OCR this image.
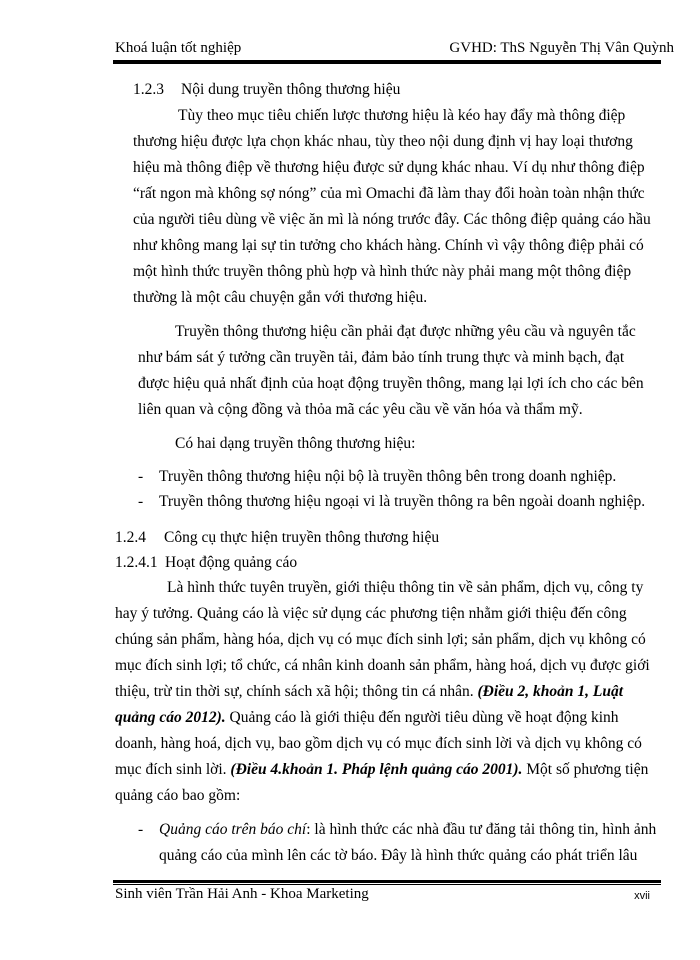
Khoá luận tốt nghiệp	GVHD: ThS Nguyễn Thị Vân Quỳnh
1.2.3 Nội dung truyền thông thương hiệu
Tùy theo mục tiêu chiến lược thương hiệu là kéo hay đẩy mà thông điệp
thương hiệu được lựa chọn khác nhau, tùy theo nội dung định vị hay loại thương
hiệu mà thông điệp về thương hiệu được sử dụng khác nhau. Ví dụ như thông điệp
“rất ngon mà không sợ nóng” của mì Omachi đã làm thay đổi hoàn toàn nhận thức
của người tiêu dùng về việc ăn mì là nóng trước đây. Các thông điệp quảng cáo hầu
như không mang lại sự tin tưởng cho khách hàng. Chính vì vậy thông điệp phải có
một hình thức truyền thông phù hợp và hình thức này phải mang một thông điệp
thường là một câu chuyện gắn với thương hiệu.
Truyền thông thương hiệu cần phải đạt được những yêu cầu và nguyên tắc
như bám sát ý tưởng cần truyền tải, đảm bảo tính trung thực và minh bạch, đạt
được hiệu quả nhất định của hoạt động truyền thông, mang lại lợi ích cho các bên
liên quan và cộng đồng và thỏa mã các yêu cầu về văn hóa và thẩm mỹ.
Có hai dạng truyền thông thương hiệu:
- Truyền thông thương hiệu nội bộ là truyền thông bên trong doanh nghiệp.
- Truyền thông thương hiệu ngoại vi là truyền thông ra bên ngoài doanh nghiệp.
1.2.4 Công cụ thực hiện truyền thông thương hiệu
1.2.4.1 Hoạt động quảng cáo
Là hình thức tuyên truyền, giới thiệu thông tin về sản phẩm, dịch vụ, công ty
hay ý tưởng. Quảng cáo là việc sử dụng các phương tiện nhằm giới thiệu đến công
chúng sản phẩm, hàng hóa, dịch vụ có mục đích sinh lợi; sản phẩm, dịch vụ không có
mục đích sinh lợi; tổ chức, cá nhân kinh doanh sản phẩm, hàng hoá, dịch vụ được giới
thiệu, trừ tin thời sự, chính sách xã hội; thông tin cá nhân. (Điều 2, khoản 1, Luật
quảng cáo 2012). Quảng cáo là giới thiệu đến người tiêu dùng về hoạt động kinh
doanh, hàng hoá, dịch vụ, bao gồm dịch vụ có mục đích sinh lời và dịch vụ không có
mục đích sinh lời. (Điều 4.khoản 1. Pháp lệnh quảng cáo 2001). Một số phương tiện
quảng cáo bao gồm:
- Quảng cáo trên báo chí: là hình thức các nhà đầu tư đăng tải thông tin, hình ảnh
quảng cáo của mình lên các tờ báo. Đây là hình thức quảng cáo phát triển lâu
Sinh viên Trần Hải Anh - Khoa Marketing	xvii
